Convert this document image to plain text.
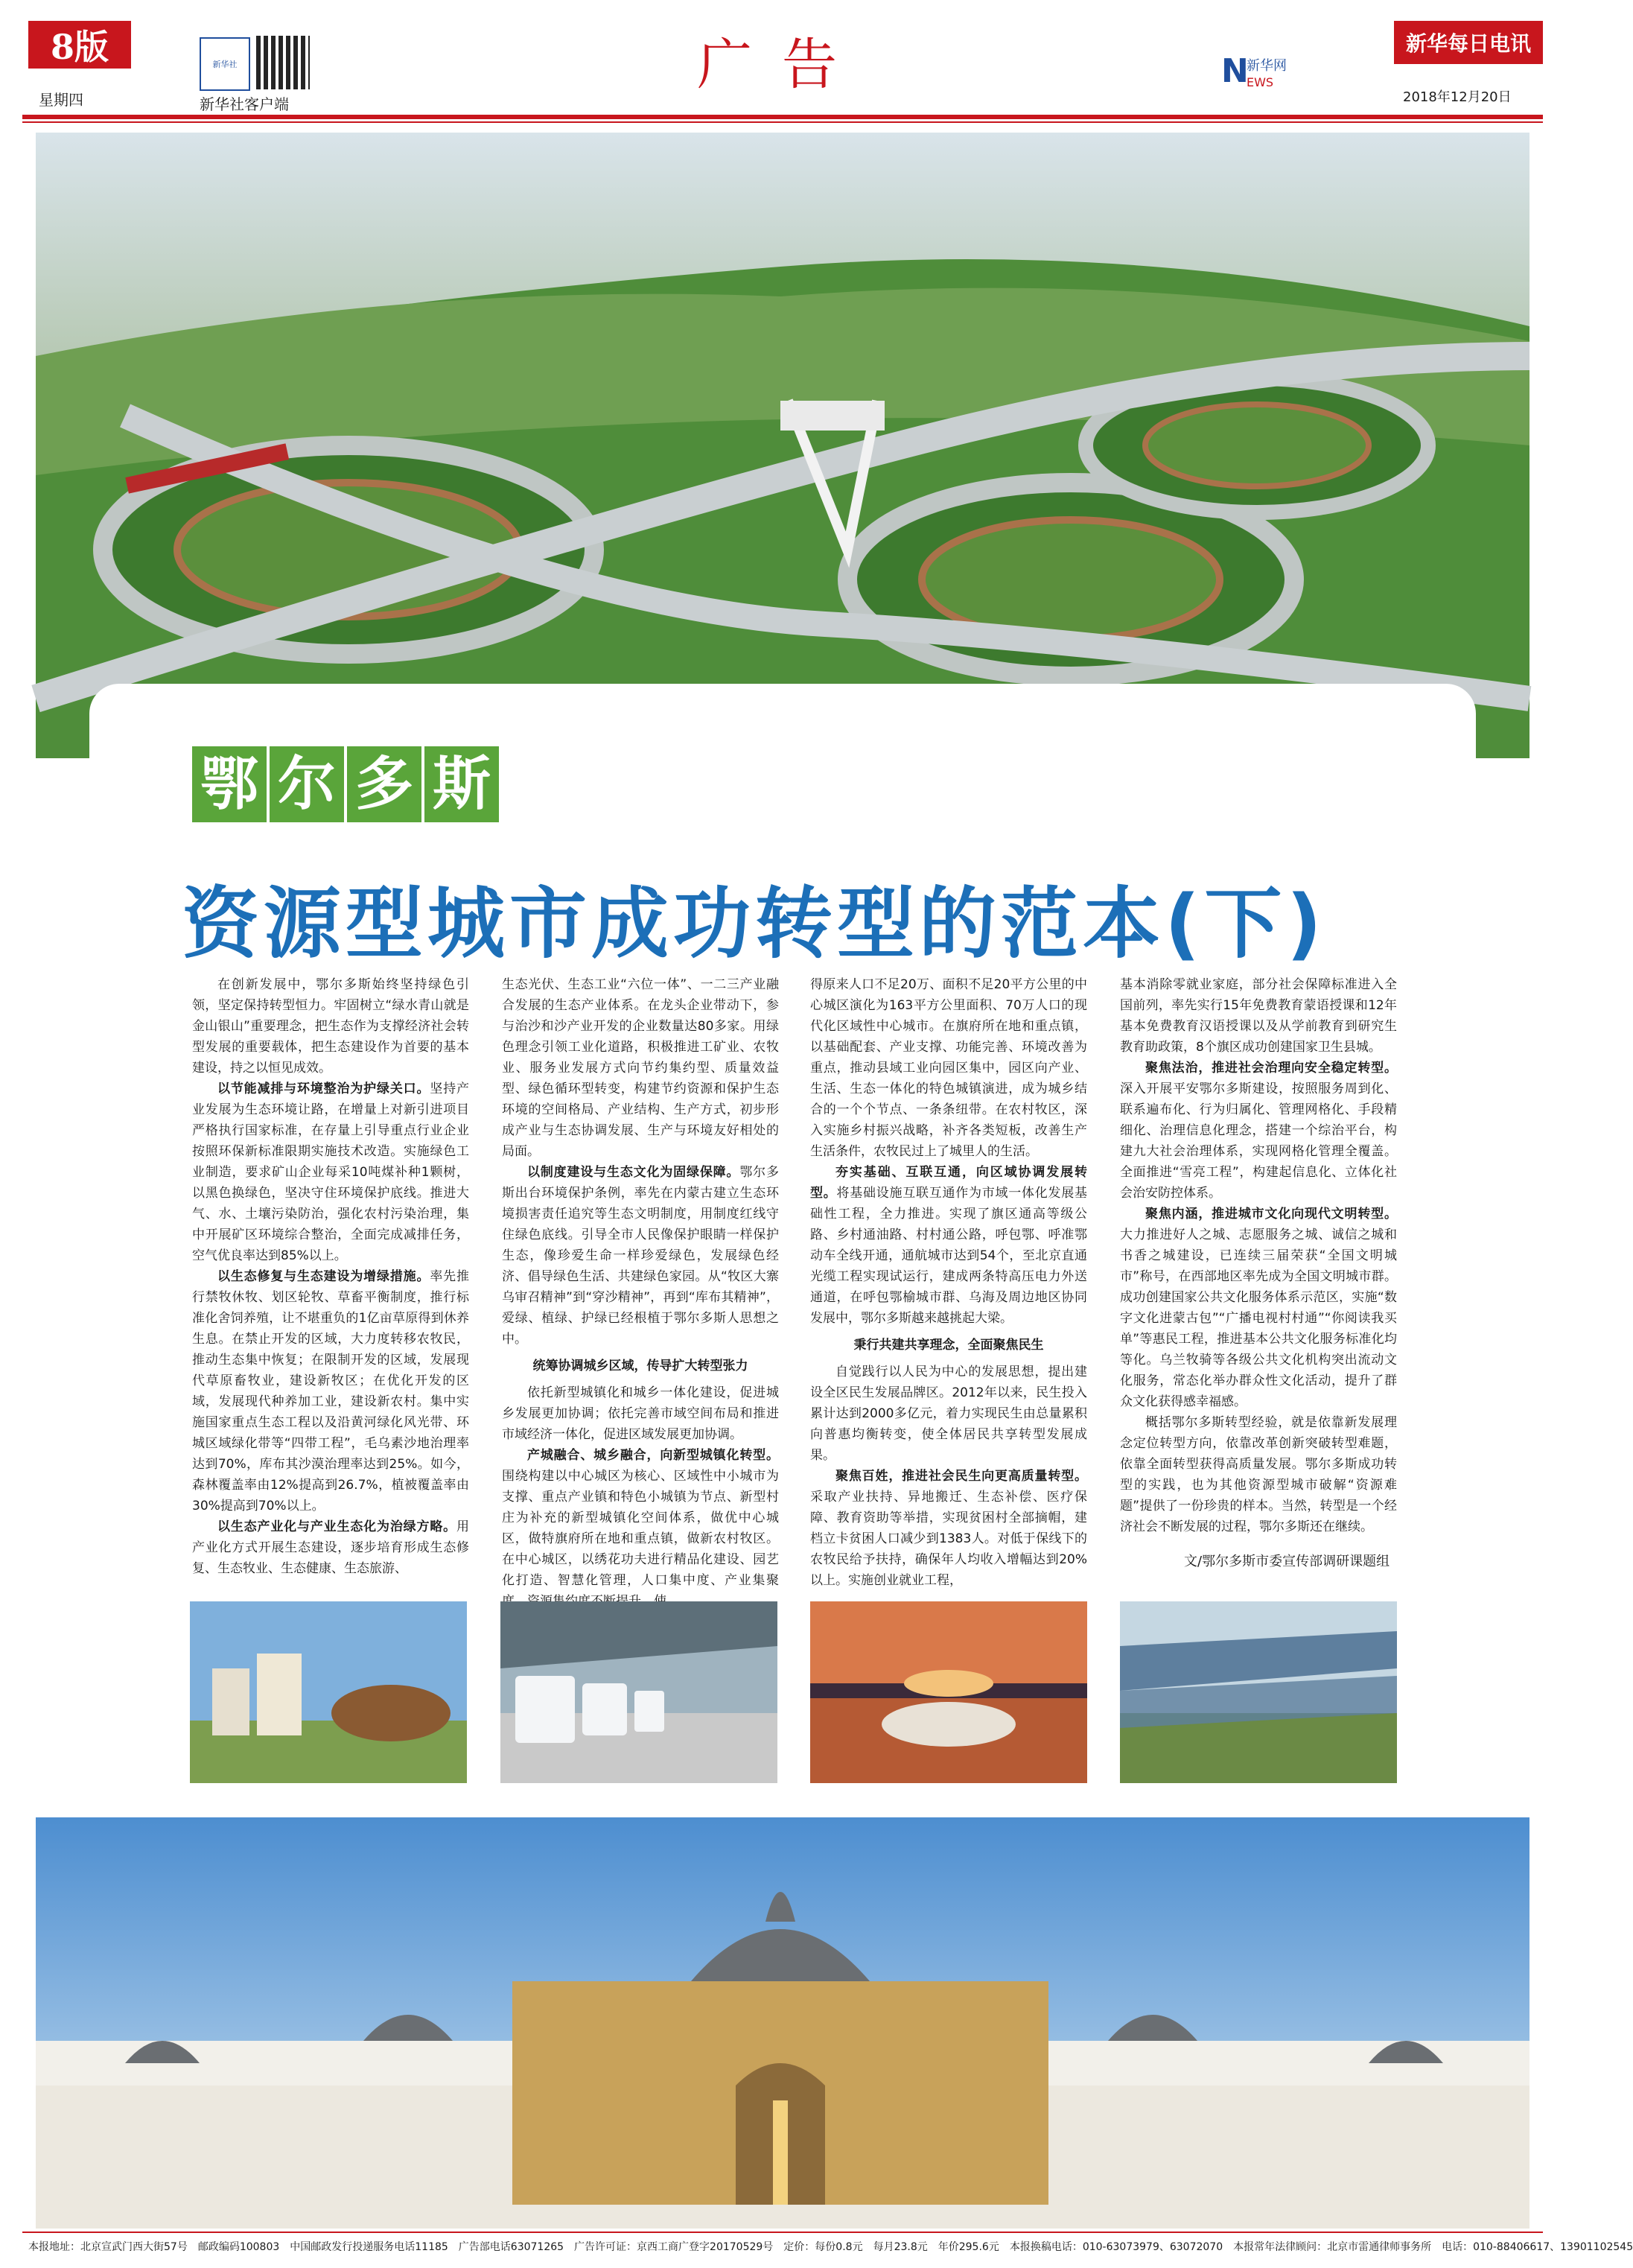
8版
星期四
新华社
新华社客户端
广告	N
新华网
EWS
新华每日电讯
2018年12月20日
鄂 尔 多 斯
资源型城市成功转型的范本(下)

在创新发展中，鄂尔多斯始终坚持绿色引领，坚定保持转型恒力。牢固树立“绿水青山就是金山银山”重要理念，把生态作为支撑经济社会转型发展的重要载体，把生态建设作为首要的基本建设，持之以恒见成效。

以节能减排与环境整治为护绿关口。坚持产业发展为生态环境让路，在增量上对新引进项目严格执行国家标准，在存量上引导重点行业企业按照环保新标准限期实施技术改造。实施绿色工业制造，要求矿山企业每采10吨煤补种1颗树，以黑色换绿色，坚决守住环境保护底线。推进大气、水、土壤污染防治，强化农村污染治理，集中开展矿区环境综合整治，全面完成减排任务，空气优良率达到85%以上。

以生态修复与生态建设为增绿措施。率先推行禁牧休牧、划区轮牧、草畜平衡制度，推行标准化舍饲养殖，让不堪重负的1亿亩草原得到休养生息。在禁止开发的区域，大力度转移农牧民，推动生态集中恢复；在限制开发的区域，发展现代草原畜牧业，建设新牧区；在优化开发的区域，发展现代种养加工业，建设新农村。集中实施国家重点生态工程以及沿黄河绿化风光带、环城区域绿化带等“四带工程”，毛乌素沙地治理率达到70%，库布其沙漠治理率达到25%。如今，森林覆盖率由12%提高到26.7%，植被覆盖率由30%提高到70%以上。

以生态产业化与产业生态化为治绿方略。用产业化方式开展生态建设，逐步培育形成生态修复、生态牧业、生态健康、生态旅游、

生态光伏、生态工业“六位一体”、一二三产业融合发展的生态产业体系。在龙头企业带动下，参与治沙和沙产业开发的企业数量达80多家。用绿色理念引领工业化道路，积极推进工矿业、农牧业、服务业发展方式向节约集约型、质量效益型、绿色循环型转变，构建节约资源和保护生态环境的空间格局、产业结构、生产方式，初步形成产业与生态协调发展、生产与环境友好相处的局面。

以制度建设与生态文化为固绿保障。鄂尔多斯出台环境保护条例，率先在内蒙古建立生态环境损害责任追究等生态文明制度，用制度红线守住绿色底线。引导全市人民像保护眼睛一样保护生态，像珍爱生命一样珍爱绿色，发展绿色经济、倡导绿色生活、共建绿色家园。从“牧区大寨乌审召精神”到“穿沙精神”，再到“库布其精神”，爱绿、植绿、护绿已经根植于鄂尔多斯人思想之中。

统筹协调城乡区域，传导扩大转型张力

依托新型城镇化和城乡一体化建设，促进城乡发展更加协调；依托完善市域空间布局和推进市域经济一体化，促进区域发展更加协调。

产城融合、城乡融合，向新型城镇化转型。围绕构建以中心城区为核心、区域性中小城市为支撑、重点产业镇和特色小城镇为节点、新型村庄为补充的新型城镇化空间体系，做优中心城区，做特旗府所在地和重点镇，做新农村牧区。在中心城区，以绣花功夫进行精品化建设、园艺化打造、智慧化管理，人口集中度、产业集聚

得原来人口不足20万、面积不足20平方公里的中心城区演化为163平方公里面积、70万人口的现代化区域性中心城市。在旗府所在地和重点镇，以基础配套、产业支撑、功能完善、环境改善为重点，推动县域工业向园区集中，园区向产业、生活、生态一体化的特色城镇演进，成为城乡结合的一个个节点、一条条纽带。在农村牧区，深入实施乡村振兴战略，补齐各类短板，改善生产生活条件，农牧民过上了城里人的生活。

夯实基础、互联互通，向区域协调发展转型。将基础设施互联互通作为市域一体化发展基础性工程，全力推进。实现了旗区通高等级公路、乡村通油路、村村通公路，呼包鄂、呼准鄂动车全线开通，通航城市达到54个，至北京直通光缆工程实现试运行，建成两条特高压电力外送通道，在呼包鄂榆城市群、乌海及周边地区协同发展中，鄂尔多斯越来越挑起大梁。

秉行共建共享理念，全面聚焦民生

自觉践行以人民为中心的发展思想，提出建设全区民生发展品牌区。2012年以来，民生投入累计达到2000多亿元，着力实现民生由总量累积向普惠均衡转变，使全体居民共享转型发展成果。

聚焦百姓，推进社会民生向更高质量转型。采取产业扶持、异地搬迁、生态补偿、医疗保障、教育资助等举措，实现贫困村全部摘帽，建档立卡贫困人口减少到1383人。对低于保线下的农牧民给予扶持，确保年人均收入增幅达到20%以上。实施创业就业工程，

基本消除零就业家庭，部分社会保障标准进入全国前列，率先实行15年免费教育蒙语授课和12年基本免费教育汉语授课以及从学前教育到研究生教育助政策，8个旗区成功创建国家卫生县城。

聚焦法治，推进社会治理向安全稳定转型。深入开展平安鄂尔多斯建设，按照服务周到化、联系遍布化、行为归属化、管理网格化、手段精细化、治理信息化理念，搭建一个综治平台，构建九大社会治理体系，实现网格化管理全覆盖。全面推进“雪亮工程”，构建起信息化、立体化社会治安防控体系。

聚焦内涵，推进城市文化向现代文明转型。大力推进好人之城、志愿服务之城、诚信之城和书香之城建设，已连续三届荣获“全国文明城市”称号，在西部地区率先成为全国文明城市群。成功创建国家公共文化服务体系示范区，实施“数字文化进蒙古包”“广播电视村村通”“你阅读我买单”等惠民工程，推进基本公共文化服务标准化均等化。乌兰牧骑等各级公共文化机构突出流动文化服务，常态化举办群众性文化活动，提升了群众文化获得感幸福感。

概括鄂尔多斯转型经验，就是依靠新发展理念定位转型方向，依靠改革创新突破转型难题，依靠全面转型获得高质量发展。鄂尔多斯成功转型的实践，也为其他资源型城市破解“资源难题”提供了一份珍贵的样本。当然，转型是一个经济社会不断发展的过程，鄂尔多斯还在继续。

文/鄂尔多斯市委宣传部调研课题组
本报地址：北京宣武门西大街57号　邮政编码100803　中国邮政发行投递服务电话11185　广告部电话63071265　广告许可证：京西工商广登字20170529号　定价：每份0.8元　每月23.8元　年价295.6元　本报换稿电话：010-63073979、63072070　本报常年法律顾问：北京市雷通律师事务所　电话：010-88406617、13901102545
